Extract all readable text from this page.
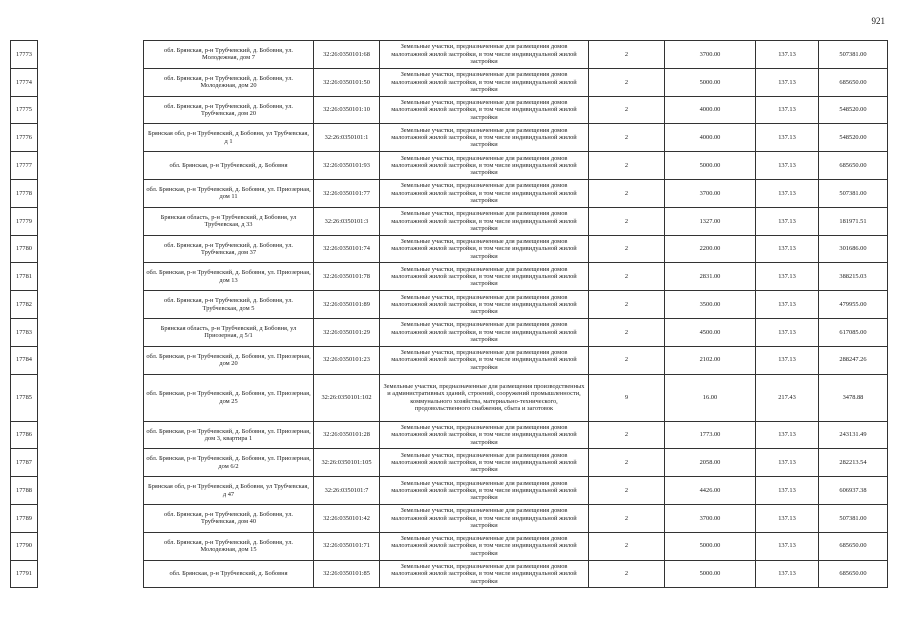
921
17773		обл. Брянская, р-н Трубчевский, д. Бобовня, ул. Молодежная, дом 7	32:26:0350101:68	Земельные участки, предназначенные для размещения домов малоэтажной жилой застройки, в том числе индивидуальной жилой застройки	2	3700.00	137.13	507381.00
17774		обл. Брянская, р-н Трубчевский, д. Бобовня, ул. Молодежная, дом 20	32:26:0350101:50	Земельные участки, предназначенные для размещения домов малоэтажной жилой застройки, в том числе индивидуальной жилой застройки	2	5000.00	137.13	685650.00
17775		обл. Брянская, р-н Трубчевский, д. Бобовня, ул. Трубчевская, дом 20	32:26:0350101:10	Земельные участки, предназначенные для размещения домов малоэтажной жилой застройки, в том числе индивидуальной жилой застройки	2	4000.00	137.13	548520.00
17776		Брянская обл, р-н Трубчевский, д Бобовня, ул Трубчевская, д 1	32:26:0350101:1	Земельные участки, предназначенные для размещения домов малоэтажной жилой застройки, в том числе индивидуальной жилой застройки	2	4000.00	137.13	548520.00
17777		обл. Брянская, р-н Трубчевский, д. Бобовня	32:26:0350101:93	Земельные участки, предназначенные для размещения домов малоэтажной жилой застройки, в том числе индивидуальной жилой застройки	2	5000.00	137.13	685650.00
17778		обл. Брянская, р-н Трубчевский, д. Бобовня, ул. Приозерная, дом 11	32:26:0350101:77	Земельные участки, предназначенные для размещения домов малоэтажной жилой застройки, в том числе индивидуальной жилой застройки	2	3700.00	137.13	507381.00
17779		Брянская область, р-н Трубчевский, д Бобовня, ул Трубчевская, д 33	32:26:0350101:3	Земельные участки, предназначенные для размещения домов малоэтажной жилой застройки, в том числе индивидуальной жилой застройки	2	1327.00	137.13	181971.51
17780		обл. Брянская, р-н Трубчевский, д. Бобовня, ул. Трубчевская, дом 37	32:26:0350101:74	Земельные участки, предназначенные для размещения домов малоэтажной жилой застройки, в том числе индивидуальной жилой застройки	2	2200.00	137.13	301686.00
17781		обл. Брянская, р-н Трубчевский, д. Бобовня, ул. Приозерная, дом 13	32:26:0350101:78	Земельные участки, предназначенные для размещения домов малоэтажной жилой застройки, в том числе индивидуальной жилой застройки	2	2831.00	137.13	388215.03
17782		обл. Брянская, р-н Трубчевский, д. Бобовня, ул. Трубчевская, дом 5	32:26:0350101:89	Земельные участки, предназначенные для размещения домов малоэтажной жилой застройки, в том числе индивидуальной жилой застройки	2	3500.00	137.13	479955.00
17783		Брянская область, р-н Трубчевский, д Бобовня, ул Приозерная, д 5/1	32:26:0350101:29	Земельные участки, предназначенные для размещения домов малоэтажной жилой застройки, в том числе индивидуальной жилой застройки	2	4500.00	137.13	617085.00
17784		обл. Брянская, р-н Трубчевский, д. Бобовня, ул. Приозерная, дом 20	32:26:0350101:23	Земельные участки, предназначенные для размещения домов малоэтажной жилой застройки, в том числе индивидуальной жилой застройки	2	2102.00	137.13	288247.26
17785		обл. Брянская, р-н Трубчевский, д. Бобовня, ул. Приозерная, дом 25	32:26:0350101:102	Земельные участки, предназначенные для размещения производственных и административных зданий, строений, сооружений промышленности, коммунального хозяйства, материально-технического, продовольственного снабжения, сбыта и заготовок	9	16.00	217.43	3478.88
17786		обл. Брянская, р-н Трубчевский, д. Бобовня, ул. Приозерная, дом 3, квартира 1	32:26:0350101:28	Земельные участки, предназначенные для размещения домов малоэтажной жилой застройки, в том числе индивидуальной жилой застройки	2	1773.00	137.13	243131.49
17787		обл. Брянская, р-н Трубчевский, д. Бобовня, ул. Приозерная, дом 6/2	32:26:0350101:105	Земельные участки, предназначенные для размещения домов малоэтажной жилой застройки, в том числе индивидуальной жилой застройки	2	2058.00	137.13	282213.54
17788		Брянская обл, р-н Трубчевский, д Бобовня, ул Трубчевская, д 47	32:26:0350101:7	Земельные участки, предназначенные для размещения домов малоэтажной жилой застройки, в том числе индивидуальной жилой застройки	2	4426.00	137.13	606937.38
17789		обл. Брянская, р-н Трубчевский, д. Бобовня, ул. Трубчевская, дом 40	32:26:0350101:42	Земельные участки, предназначенные для размещения домов малоэтажной жилой застройки, в том числе индивидуальной жилой застройки	2	3700.00	137.13	507381.00
17790		обл. Брянская, р-н Трубчевский, д. Бобовня, ул. Молодежная, дом 15	32:26:0350101:71	Земельные участки, предназначенные для размещения домов малоэтажной жилой застройки, в том числе индивидуальной жилой застройки	2	5000.00	137.13	685650.00
17791		обл. Брянская, р-н Трубчевский, д. Бобовня	32:26:0350101:85	Земельные участки, предназначенные для размещения домов малоэтажной жилой застройки, в том числе индивидуальной жилой застройки	2	5000.00	137.13	685650.00
